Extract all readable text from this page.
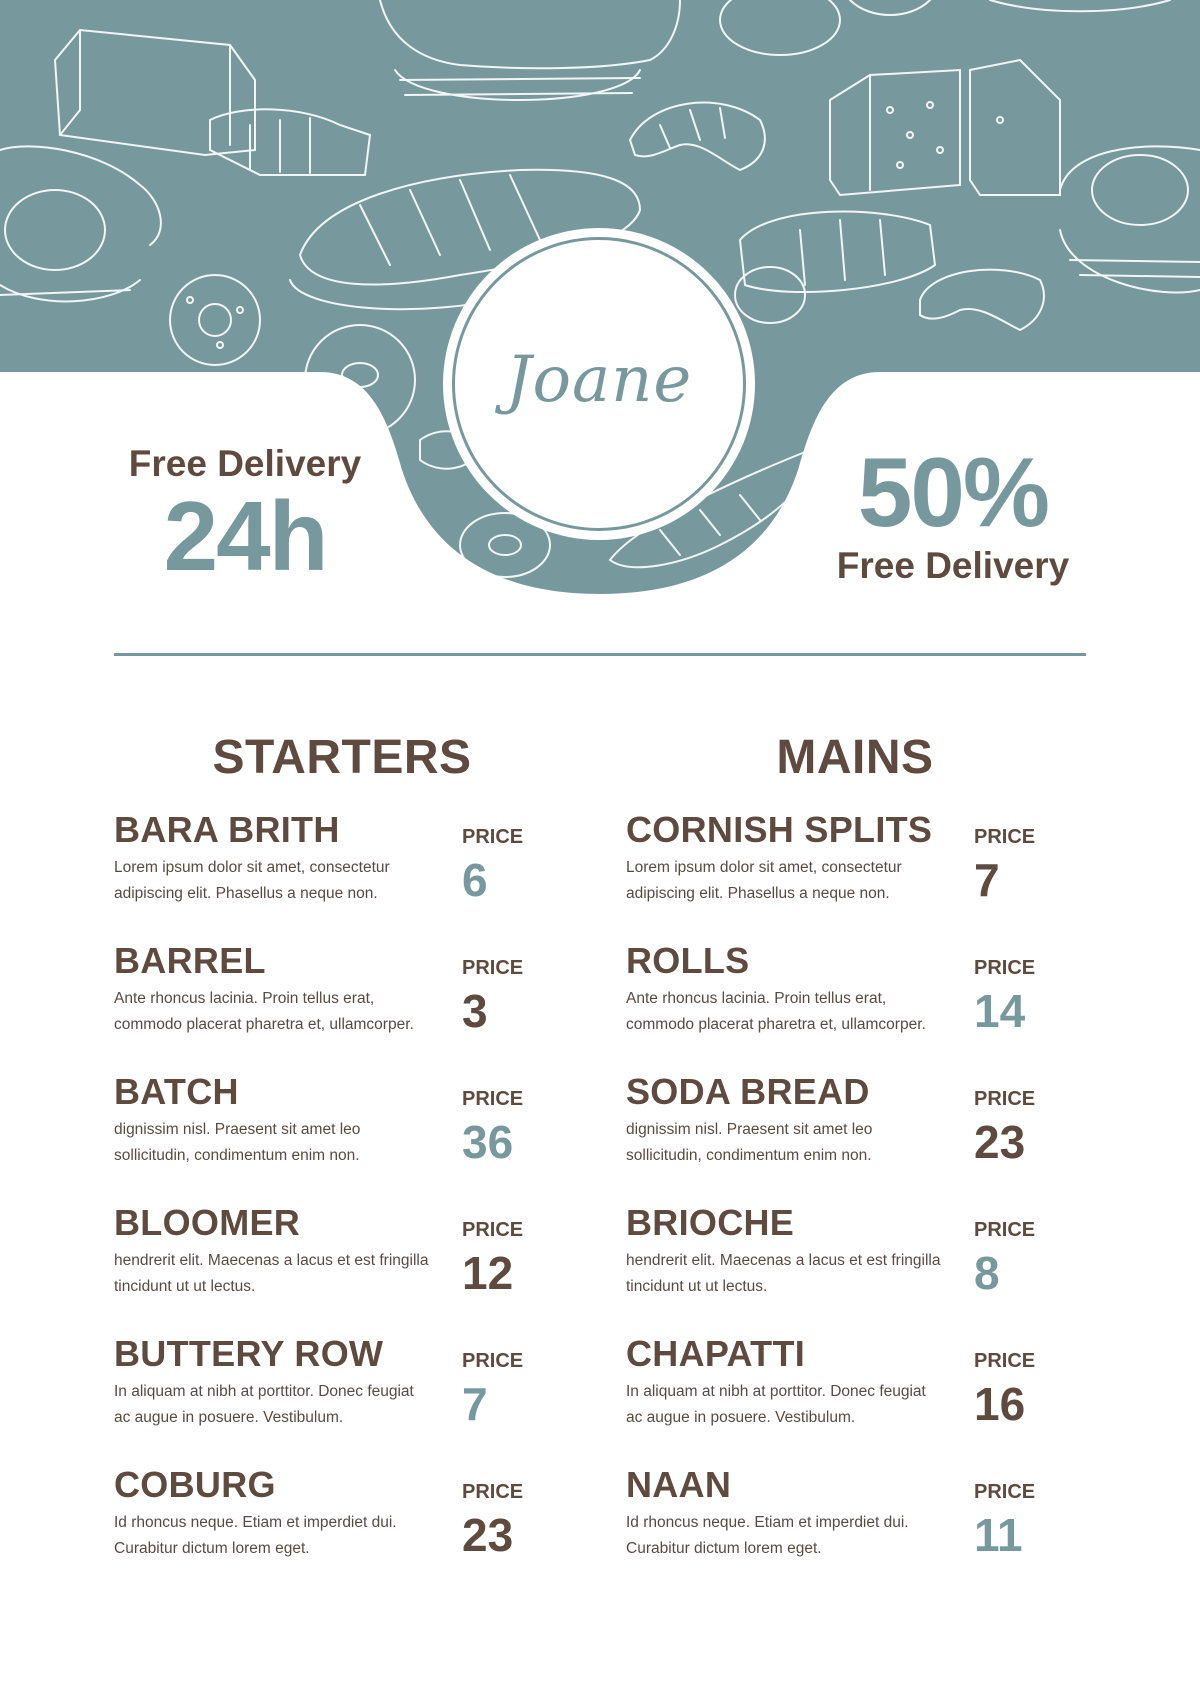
Joane
Free Delivery
24h	50%
Free Delivery
STARTERS	MAINS
BARA BRITH
Lorem ipsum dolor sit amet, consectetur adipiscing elit. Phasellus a neque non.
PRICE
6
BARREL
Ante rhoncus lacinia. Proin tellus erat, commodo placerat pharetra et, ullamcorper.
PRICE
3
BATCH
dignissim nisl. Praesent sit amet leo sollicitudin, condimentum enim non.
PRICE
36
BLOOMER
hendrerit elit. Maecenas a lacus et est fringilla tincidunt ut ut lectus.
PRICE
12
BUTTERY ROW
In aliquam at nibh at porttitor. Donec feugiat ac augue in posuere. Vestibulum.
PRICE
7
COBURG
Id rhoncus neque. Etiam et imperdiet dui. Curabitur dictum lorem eget.
PRICE
23
CORNISH SPLITS
Lorem ipsum dolor sit amet, consectetur adipiscing elit. Phasellus a neque non.
PRICE
7
ROLLS
Ante rhoncus lacinia. Proin tellus erat, commodo placerat pharetra et, ullamcorper.
PRICE
14
SODA BREAD
dignissim nisl. Praesent sit amet leo sollicitudin, condimentum enim non.
PRICE
23
BRIOCHE
hendrerit elit. Maecenas a lacus et est fringilla tincidunt ut ut lectus.
PRICE
8
CHAPATTI
In aliquam at nibh at porttitor. Donec feugiat ac augue in posuere. Vestibulum.
PRICE
16
NAAN
Id rhoncus neque. Etiam et imperdiet dui. Curabitur dictum lorem eget.
PRICE
11
